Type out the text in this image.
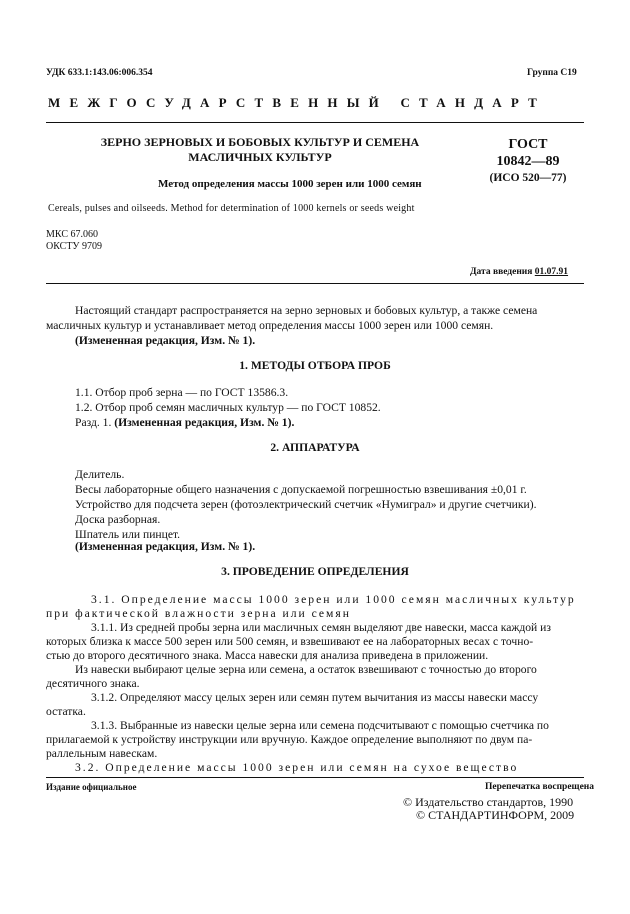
УДК 633.1:143.06:006.354	Группа С19
МЕЖГОСУДАРСТВЕННЫЙ СТАНДАРТ
ЗЕРНО ЗЕРНОВЫХ И БОБОВЫХ КУЛЬТУР И СЕМЕНА
МАСЛИЧНЫХ КУЛЬТУР
Метод определения массы 1000 зерен или 1000 семян
ГОСТ
10842—89
(ИСО 520—77)
Cereals, pulses and oilseeds. Method for determination of 1000 kernels or seeds weight
МКС 67.060
ОКСТУ 9709
Дата введения 01.07.91
Настоящий стандарт распространяется на зерно зерновых и бобовых культур, а также семена
масличных культур и устанавливает метод определения массы 1000 зерен или 1000 семян.
(Измененная редакция, Изм. № 1).
1. МЕТОДЫ ОТБОРА ПРОБ
1.1. Отбор проб зерна — по ГОСТ 13586.3.
1.2. Отбор проб семян масличных культур — по ГОСТ 10852.
Разд. 1. (Измененная редакция, Изм. № 1).
2. АППАРАТУРА
Делитель.
Весы лабораторные общего назначения с допускаемой погрешностью взвешивания ±0,01 г.
Устройство для подсчета зерен (фотоэлектрический счетчик «Нумиграл» и другие счетчики).
Доска разборная.
Шпатель или пинцет.
(Измененная редакция, Изм. № 1).
3. ПРОВЕДЕНИЕ ОПРЕДЕЛЕНИЯ
3.1. Определение массы 1000 зерен или 1000 семян масличных культур
при фактической влажности зерна или семян
3.1.1. Из средней пробы зерна или масличных семян выделяют две навески, масса каждой из
которых близка к массе 500 зерен или 500 семян, и взвешивают ее на лабораторных весах с точно-
стью до второго десятичного знака. Масса навески для анализа приведена в приложении.
Из навески выбирают целые зерна или семена, а остаток взвешивают с точностью до второго
десятичного знака.
3.1.2. Определяют массу целых зерен или семян путем вычитания из массы навески массу
остатка.
3.1.3. Выбранные из навески целые зерна или семена подсчитывают с помощью счетчика по
прилагаемой к устройству инструкции или вручную. Каждое определение выполняют по двум па-
раллельным навескам.
3.2. Определение массы 1000 зерен или семян на сухое вещество
Издание официальное	Перепечатка воспрещена
© Издательство стандартов, 1990
© СТАНДАРТИНФОРМ, 2009
